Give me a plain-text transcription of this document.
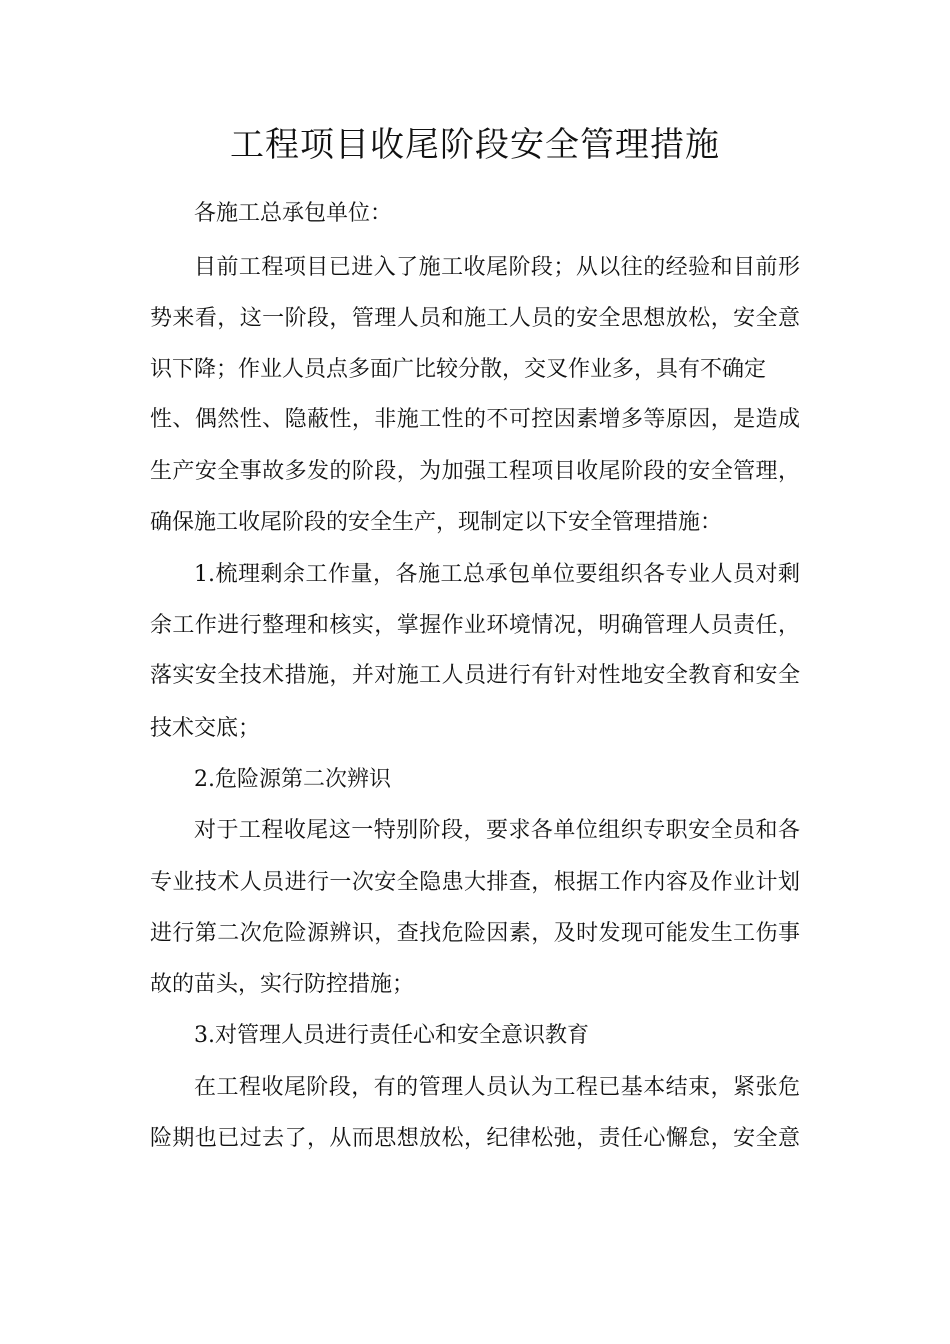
工程项目收尾阶段安全管理措施
各施工总承包单位：
目前工程项目已进入了施工收尾阶段；从以往的经验和目前形
势来看，这一阶段，管理人员和施工人员的安全思想放松，安全意
识下降；作业人员点多面广比较分散，交叉作业多，具有不确定
性、偶然性、隐蔽性，非施工性的不可控因素增多等原因，是造成
生产安全事故多发的阶段，为加强工程项目收尾阶段的安全管理，
确保施工收尾阶段的安全生产，现制定以下安全管理措施：
1.梳理剩余工作量，各施工总承包单位要组织各专业人员对剩
余工作进行整理和核实，掌握作业环境情况，明确管理人员责任，
落实安全技术措施，并对施工人员进行有针对性地安全教育和安全
技术交底；
2.危险源第二次辨识
对于工程收尾这一特别阶段，要求各单位组织专职安全员和各
专业技术人员进行一次安全隐患大排查，根据工作内容及作业计划
进行第二次危险源辨识，查找危险因素，及时发现可能发生工伤事
故的苗头，实行防控措施；
3.对管理人员进行责任心和安全意识教育
在工程收尾阶段，有的管理人员认为工程已基本结束，紧张危
险期也已过去了，从而思想放松，纪律松弛，责任心懈怠，安全意
